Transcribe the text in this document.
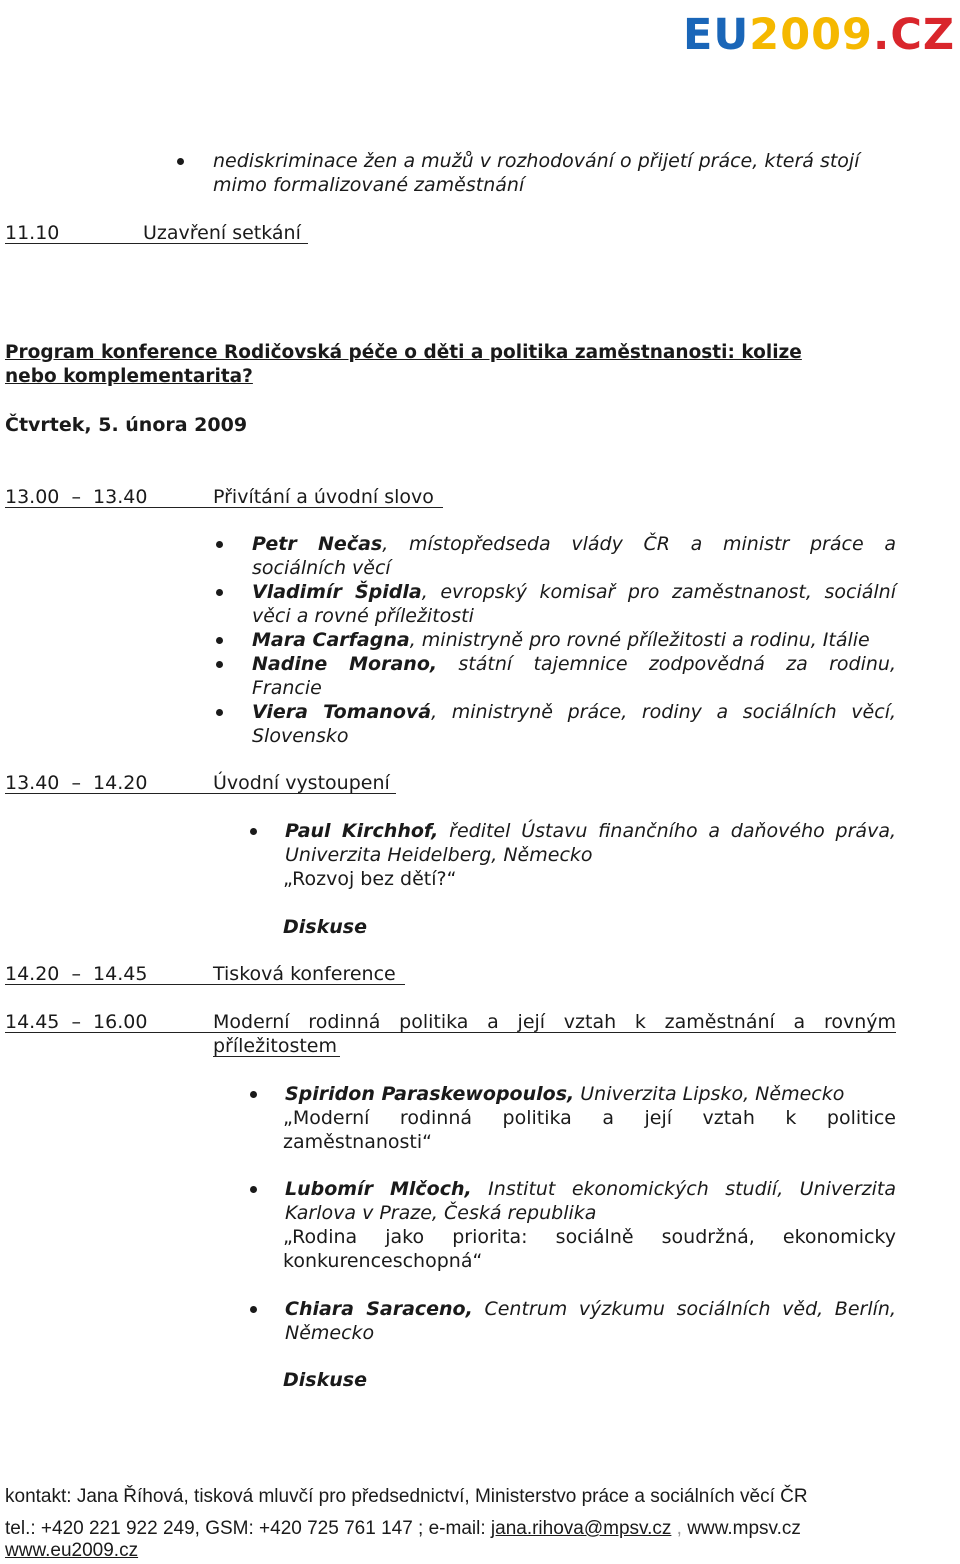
EU2009.CZ
nediskriminace žen a mužů v rozhodování o přijetí práce, která stojí
mimo formalizované zaměstnání
11.10	Uzavření setkání
Program konference Rodičovská péče o děti a politika zaměstnanosti: kolize
nebo komplementarita?
Čtvrtek, 5. února 2009
13.00  –  13.40	Přivítání a úvodní slovo
Petr Nečas, místopředseda vlády ČR a ministr práce a
sociálních věcí
Vladimír Špidla, evropský komisař pro zaměstnanost, sociální
věci a rovné příležitosti
Mara Carfagna, ministryně pro rovné příležitosti a rodinu, Itálie
Nadine Morano, státní tajemnice zodpovědná za rodinu,
Francie
Viera Tomanová, ministryně práce, rodiny a sociálních věcí,
Slovensko
13.40  –  14.20	Úvodní vystoupení
Paul Kirchhof, ředitel Ústavu finančního a daňového práva,
Univerzita Heidelberg, Německo
„Rozvoj bez dětí?“
Diskuse
14.20  –  14.45	Tisková konference
14.45  –  16.00	Moderní rodinná politika a její vztah k zaměstnání a rovným
příležitostem
Spiridon Paraskewopoulos, Univerzita Lipsko, Německo
„Moderní rodinná politika a její vztah k politice
zaměstnanosti“
Lubomír Mlčoch, Institut ekonomických studií, Univerzita
Karlova v Praze, Česká republika
„Rodina jako priorita: sociálně soudržná, ekonomicky
konkurenceschopná“
Chiara Saraceno, Centrum výzkumu sociálních věd, Berlín,
Německo
Diskuse
kontakt: Jana Říhová, tisková mluvčí pro předsednictví, Ministerstvo práce a sociálních věcí ČR
tel.: +420 221 922 249, GSM: +420 725 761 147 ; e-mail: jana.rihova@mpsv.cz , www.mpsv.cz
www.eu2009.cz
